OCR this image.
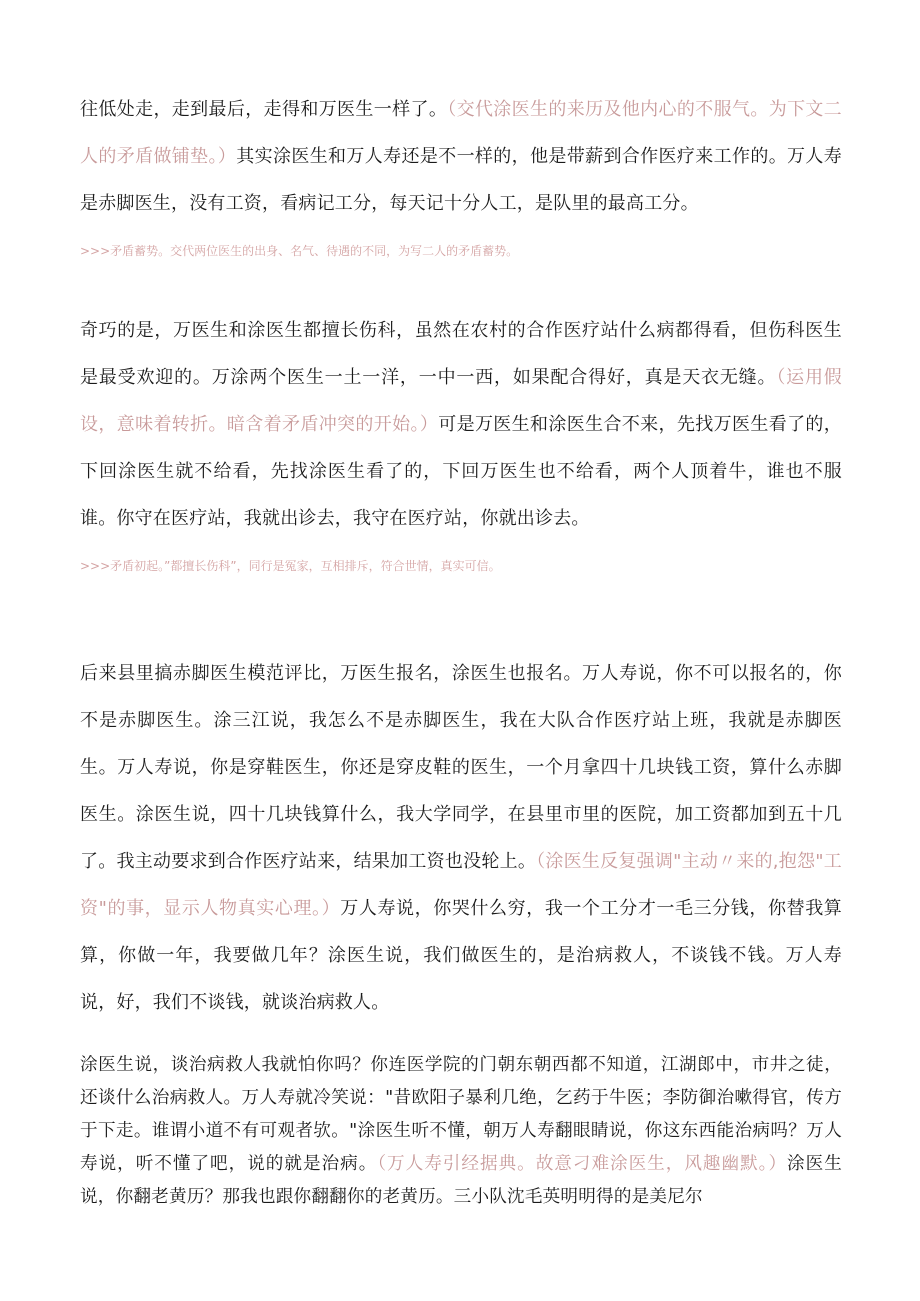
往低处走，走到最后，走得和万医生一样了。（交代涂医生的来历及他内心的不服气。为下文二人的矛盾做铺垫。）其实涂医生和万人寿还是不一样的，他是带薪到合作医疗来工作的。万人寿是赤脚医生，没有工资，看病记工分，每天记十分人工，是队里的最高工分。

>>>矛盾蓄势。交代两位医生的出身、名气、待遇的不同，为写二人的矛盾蓄势。

奇巧的是，万医生和涂医生都擅长伤科，虽然在农村的合作医疗站什么病都得看，但伤科医生是最受欢迎的。万涂两个医生一土一洋，一中一西，如果配合得好，真是天衣无缝。（运用假设，意味着转折。暗含着矛盾冲突的开始。）可是万医生和涂医生合不来，先找万医生看了的，下回涂医生就不给看，先找涂医生看了的，下回万医生也不给看，两个人顶着牛，谁也不服谁。你守在医疗站，我就出诊去，我守在医疗站，你就出诊去。

>>>矛盾初起。”都擅长伤科”，同行是冤家，互相排斥，符合世情，真实可信。

后来县里搞赤脚医生模范评比，万医生报名，涂医生也报名。万人寿说，你不可以报名的，你不是赤脚医生。涂三江说，我怎么不是赤脚医生，我在大队合作医疗站上班，我就是赤脚医生。万人寿说，你是穿鞋医生，你还是穿皮鞋的医生，一个月拿四十几块钱工资，算什么赤脚医生。涂医生说，四十几块钱算什么，我大学同学，在县里市里的医院，加工资都加到五十几了。我主动要求到合作医疗站来，结果加工资也没轮上。（涂医生反复强调"主动〃来的,抱怨"工资"的事，显示人物真实心理。）万人寿说，你哭什么穷，我一个工分才一毛三分钱，你替我算算，你做一年，我要做几年？涂医生说，我们做医生的，是治病救人，不谈钱不钱。万人寿说，好，我们不谈钱，就谈治病救人。

涂医生说，谈治病救人我就怕你吗？你连医学院的门朝东朝西都不知道，江湖郎中，市井之徒，还谈什么治病救人。万人寿就冷笑说："昔欧阳子暴利几绝，乞药于牛医；李防御治嗽得官，传方于下走。谁谓小道不有可观者欤。"涂医生听不懂，朝万人寿翻眼睛说，你这东西能治病吗？万人寿说，听不懂了吧，说的就是治病。（万人寿引经据典。故意刁难涂医生，风趣幽默。）涂医生说，你翻老黄历？那我也跟你翻翻你的老黄历。三小队沈毛英明明得的是美尼尔
